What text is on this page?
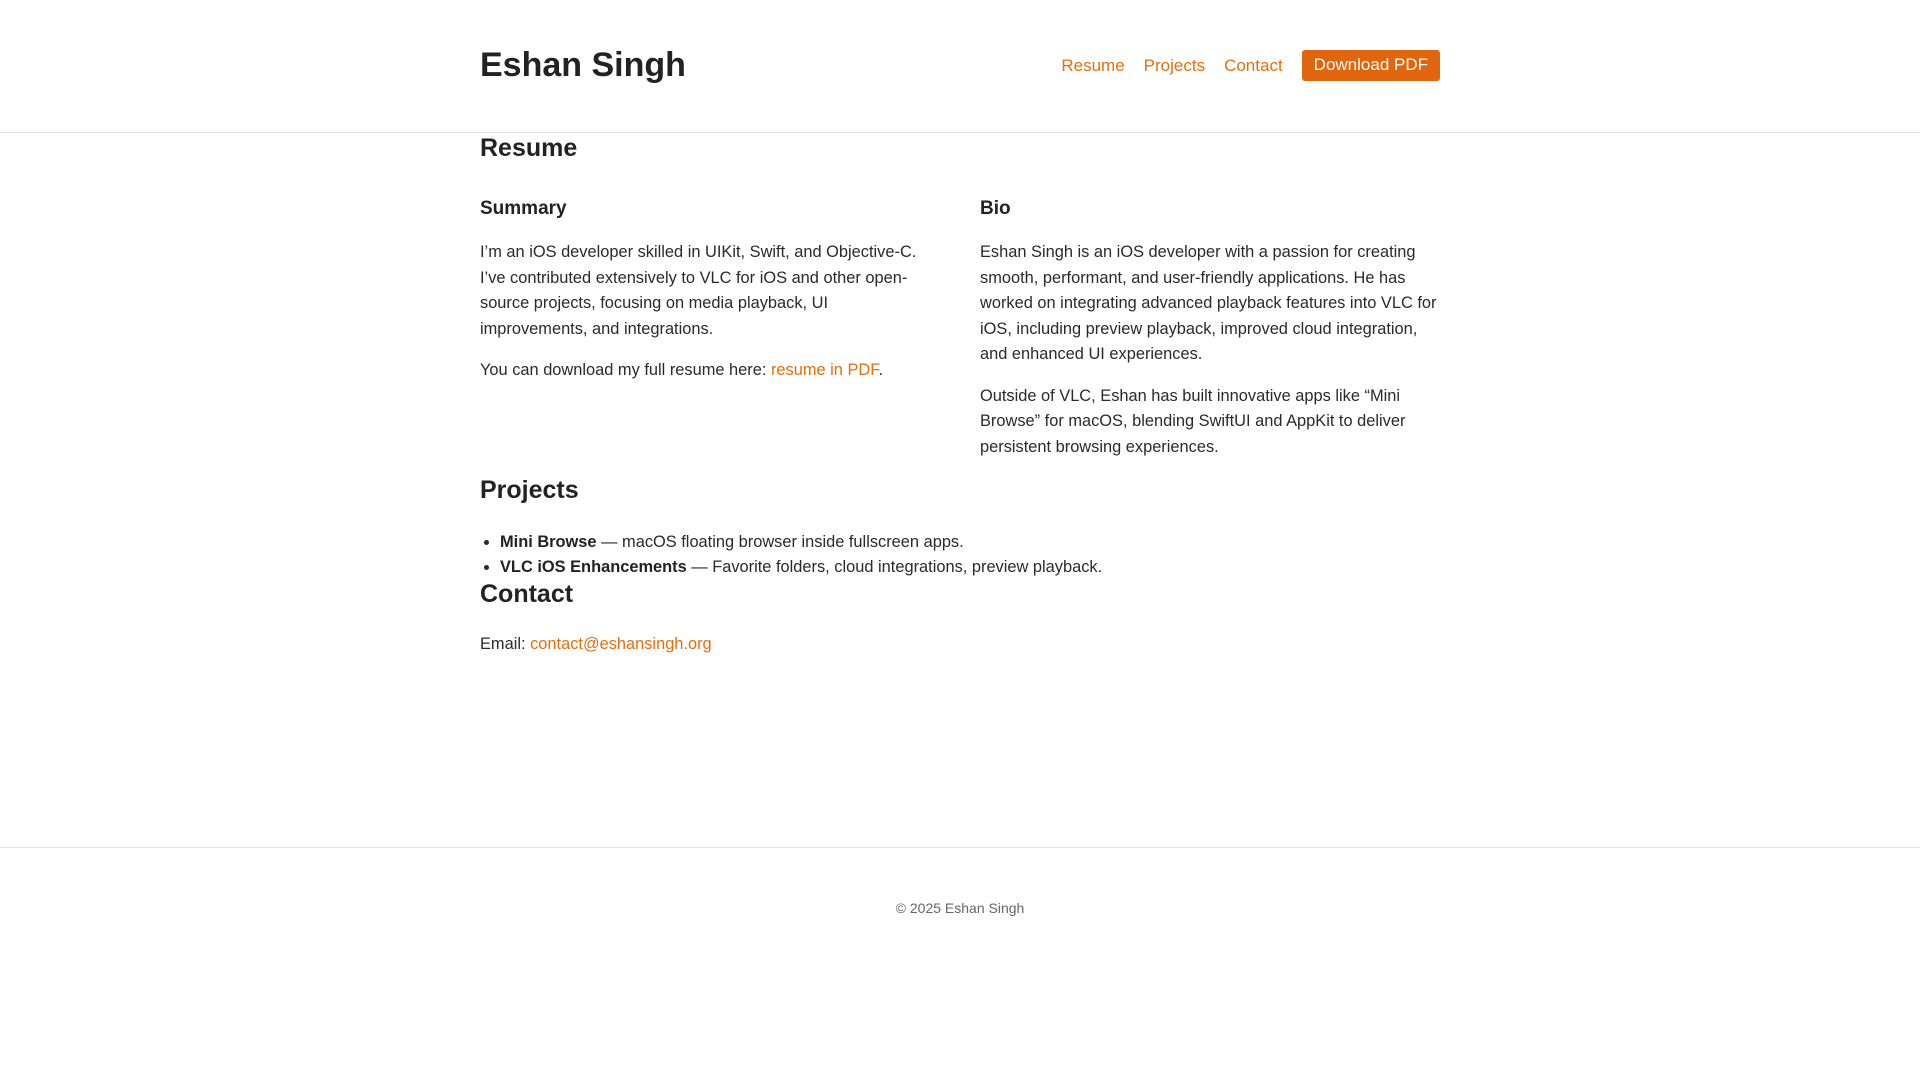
Eshan Singh	Resume Projects Contact	Download PDF
Resume
Summary

I’m an iOS developer skilled in UIKit, Swift, and Objective-C. I’ve contributed extensively to VLC for iOS and other open-source projects, focusing on media playback, UI improvements, and integrations.

You can download my full resume here: resume in PDF.

Bio

Eshan Singh is an iOS developer with a passion for creating smooth, performant, and user-friendly applications. He has worked on integrating advanced playback features into VLC for iOS, including preview playback, improved cloud integration, and enhanced UI experiences.

Outside of VLC, Eshan has built innovative apps like “Mini Browse” for macOS, blending SwiftUI and AppKit to deliver persistent browsing experiences.

Projects
• Mini Browse — macOS floating browser inside fullscreen apps.
• VLC iOS Enhancements — Favorite folders, cloud integrations, preview playback.
Contact

Email: contact@eshansingh.org

© 2025 Eshan Singh
